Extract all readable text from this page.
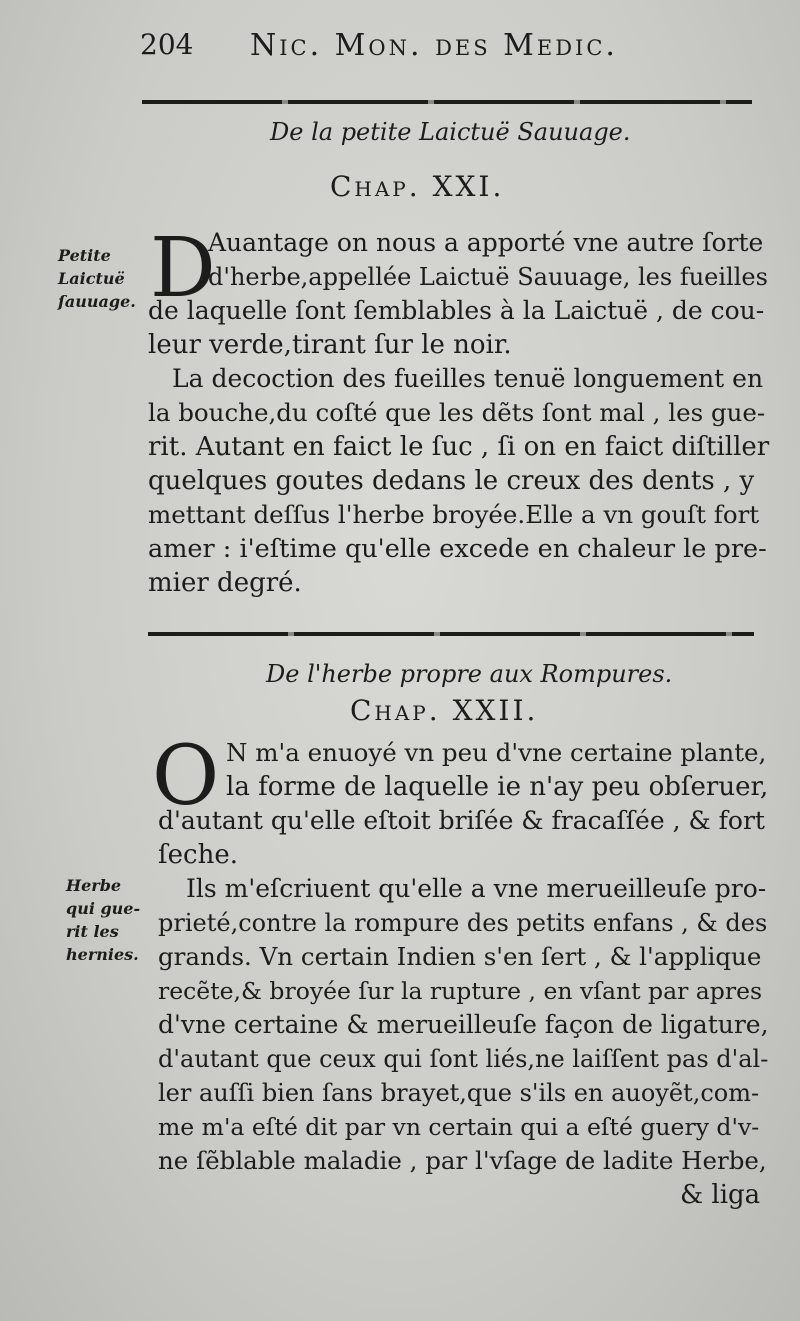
204 Nic. Mon. des Medic.
De la petite Laictuë Sauuage.
Chap. XXI.
Petite
Laictuë
ſauuage. D
Auantage on nous a apporté vne autre ſorte
d'herbe,appellée Laictuë Sauuage, les fueilles
de laquelle ſont ſemblables à la Laictuë , de cou-
leur verde,tirant ſur le noir.
La decoction des fueilles tenuë longuement en
la bouche,du coſté que les dẽts ſont mal , les gue-
rit. Autant en faict le ſuc , ſi on en faict diſtiller
quelques goutes dedans le creux des dents , y
mettant deſſus l'herbe broyée.Elle a vn gouſt fort
amer : i'eſtime qu'elle excede en chaleur le pre-
mier degré.
De l'herbe propre aux Rompures.
Chap. XXII.
O N m'a enuoyé vn peu d'vne certaine plante,
la forme de laquelle ie n'ay peu obſeruer,
d'autant qu'elle eſtoit briſée & fracaſſée , & fort
ſeche.
Herbe
qui gue-
rit les
hernies.
Ils m'eſcriuent qu'elle a vne merueilleuſe pro-
prieté,contre la rompure des petits enfans , & des
grands. Vn certain Indien s'en ſert , & l'applique
recẽte,& broyée ſur la rupture , en vſant par apres
d'vne certaine & merueilleuſe façon de ligature,
d'autant que ceux qui ſont liés,ne laiſſent pas d'al-
ler auſſi bien ſans brayet,que s'ils en auoyẽt,com-
me m'a eſté dit par vn certain qui a eſté guery d'v-
ne ſẽblable maladie , par l'vſage de ladite Herbe,
& liga
